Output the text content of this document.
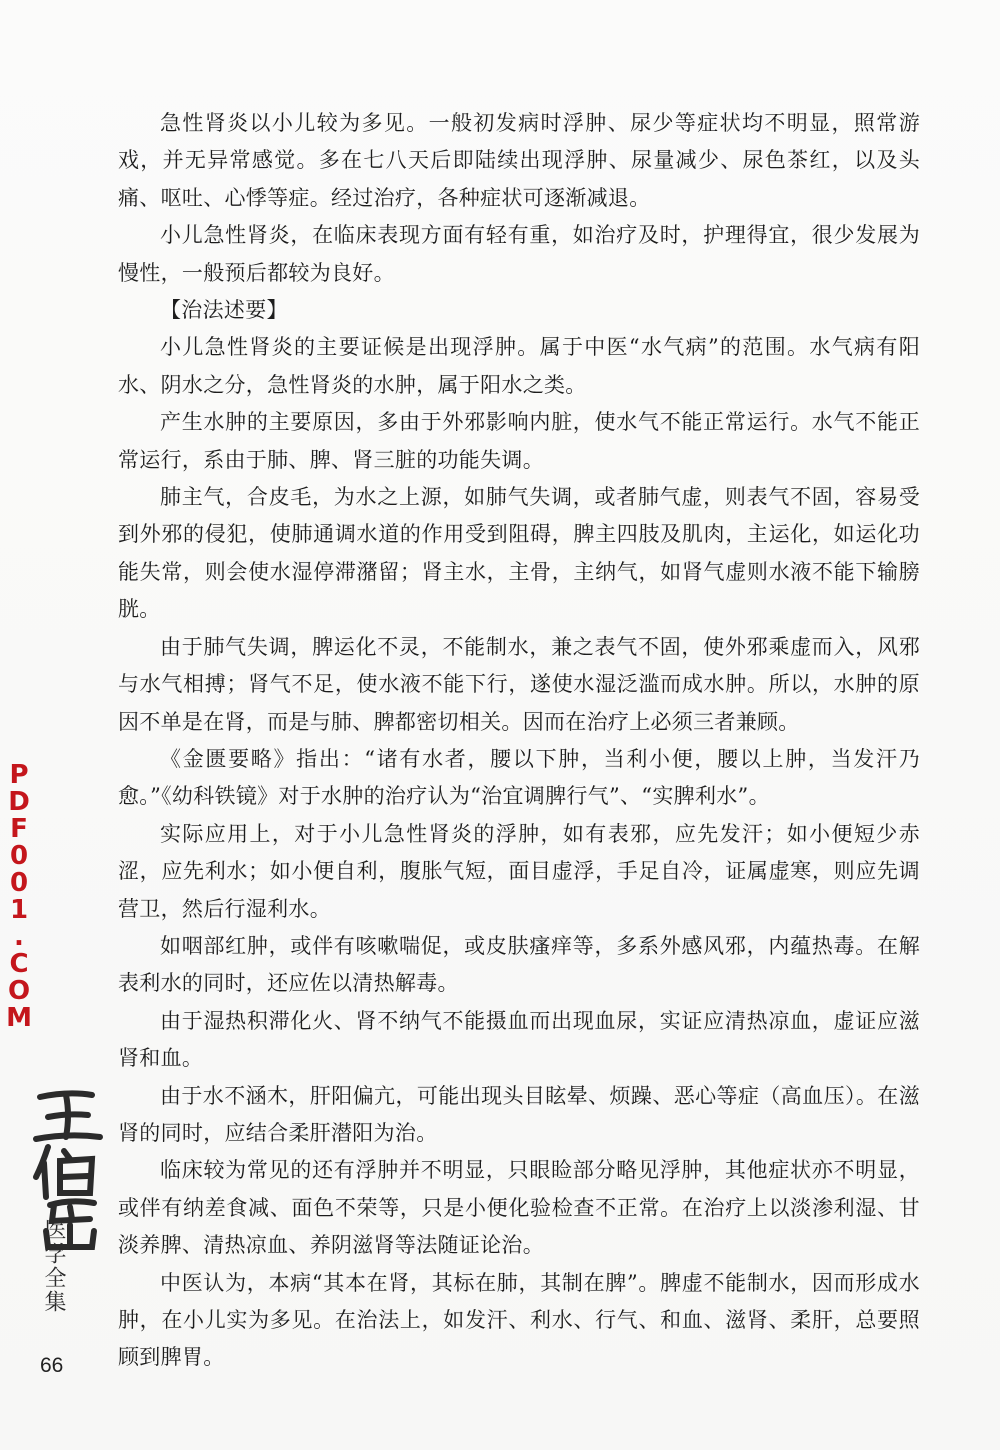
急性肾炎以小儿较为多见。一般初发病时浮肿、尿少等症状均不明显，照常游戏，并无异常感觉。多在七八天后即陆续出现浮肿、尿量减少、尿色茶红，以及头痛、呕吐、心悸等症。经过治疗，各种症状可逐渐减退。

小儿急性肾炎，在临床表现方面有轻有重，如治疗及时，护理得宜，很少发展为慢性，一般预后都较为良好。

【治法述要】

小儿急性肾炎的主要证候是出现浮肿。属于中医“水气病”的范围。水气病有阳水、阴水之分，急性肾炎的水肿，属于阳水之类。

产生水肿的主要原因，多由于外邪影响内脏，使水气不能正常运行。水气不能正常运行，系由于肺、脾、肾三脏的功能失调。

肺主气，合皮毛，为水之上源，如肺气失调，或者肺气虚，则表气不固，容易受到外邪的侵犯，使肺通调水道的作用受到阻碍，脾主四肢及肌肉，主运化，如运化功能失常，则会使水湿停滞潴留；肾主水，主骨，主纳气，如肾气虚则水液不能下输膀胱。

由于肺气失调，脾运化不灵，不能制水，兼之表气不固，使外邪乘虚而入，风邪与水气相搏；肾气不足，使水液不能下行，遂使水湿泛滥而成水肿。所以，水肿的原因不单是在肾，而是与肺、脾都密切相关。因而在治疗上必须三者兼顾。

《金匮要略》指出：“诸有水者，腰以下肿，当利小便，腰以上肿，当发汗乃愈。”《幼科铁镜》对于水肿的治疗认为“治宜调脾行气”、“实脾利水”。

实际应用上，对于小儿急性肾炎的浮肿，如有表邪，应先发汗；如小便短少赤涩，应先利水；如小便自利，腹胀气短，面目虚浮，手足自冷，证属虚寒，则应先调营卫，然后行湿利水。

如咽部红肿，或伴有咳嗽喘促，或皮肤瘙痒等，多系外感风邪，内蕴热毒。在解表利水的同时，还应佐以清热解毒。

由于湿热积滞化火、肾不纳气不能摄血而出现血尿，实证应清热凉血，虚证应滋肾和血。

由于水不涵木，肝阳偏亢，可能出现头目眩晕、烦躁、恶心等症（高血压）。在滋肾的同时，应结合柔肝潜阳为治。

临床较为常见的还有浮肿并不明显，只眼睑部分略见浮肿，其他症状亦不明显，或伴有纳差食减、面色不荣等，只是小便化验检查不正常。在治疗上以淡渗利湿、甘淡养脾、清热凉血、养阴滋肾等法随证论治。

中医认为，本病“其本在肾，其标在肺，其制在脾”。脾虚不能制水，因而形成水肿，在小儿实为多见。在治法上，如发汗、利水、行气、和血、滋肾、柔肝，总要照顾到脾胃。

PDF001.COM
王伯岳
医学全集
66
